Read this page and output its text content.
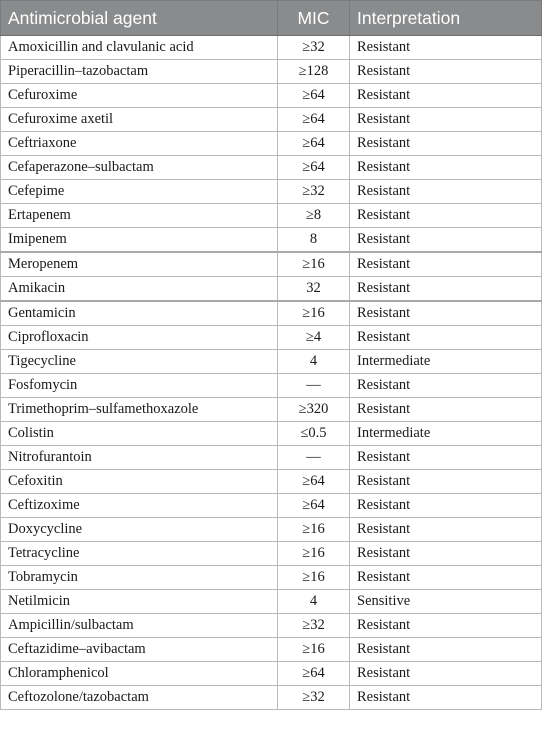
Antimicrobial agent	MIC	Interpretation
Amoxicillin and clavulanic acid	≥32	Resistant
Piperacillin–tazobactam	≥128	Resistant
Cefuroxime	≥64	Resistant
Cefuroxime axetil	≥64	Resistant
Ceftriaxone	≥64	Resistant
Cefaperazone–sulbactam	≥64	Resistant
Cefepime	≥32	Resistant
Ertapenem	≥8	Resistant
Imipenem	8	Resistant
Meropenem	≥16	Resistant
Amikacin	32	Resistant
Gentamicin	≥16	Resistant
Ciprofloxacin	≥4	Resistant
Tigecycline	4	Intermediate
Fosfomycin	—	Resistant
Trimethoprim–sulfamethoxazole	≥320	Resistant
Colistin	≤0.5	Intermediate
Nitrofurantoin	—	Resistant
Cefoxitin	≥64	Resistant
Ceftizoxime	≥64	Resistant
Doxycycline	≥16	Resistant
Tetracycline	≥16	Resistant
Tobramycin	≥16	Resistant
Netilmicin	4	Sensitive
Ampicillin/sulbactam	≥32	Resistant
Ceftazidime–avibactam	≥16	Resistant
Chloramphenicol	≥64	Resistant
Ceftozolone/tazobactam	≥32	Resistant
